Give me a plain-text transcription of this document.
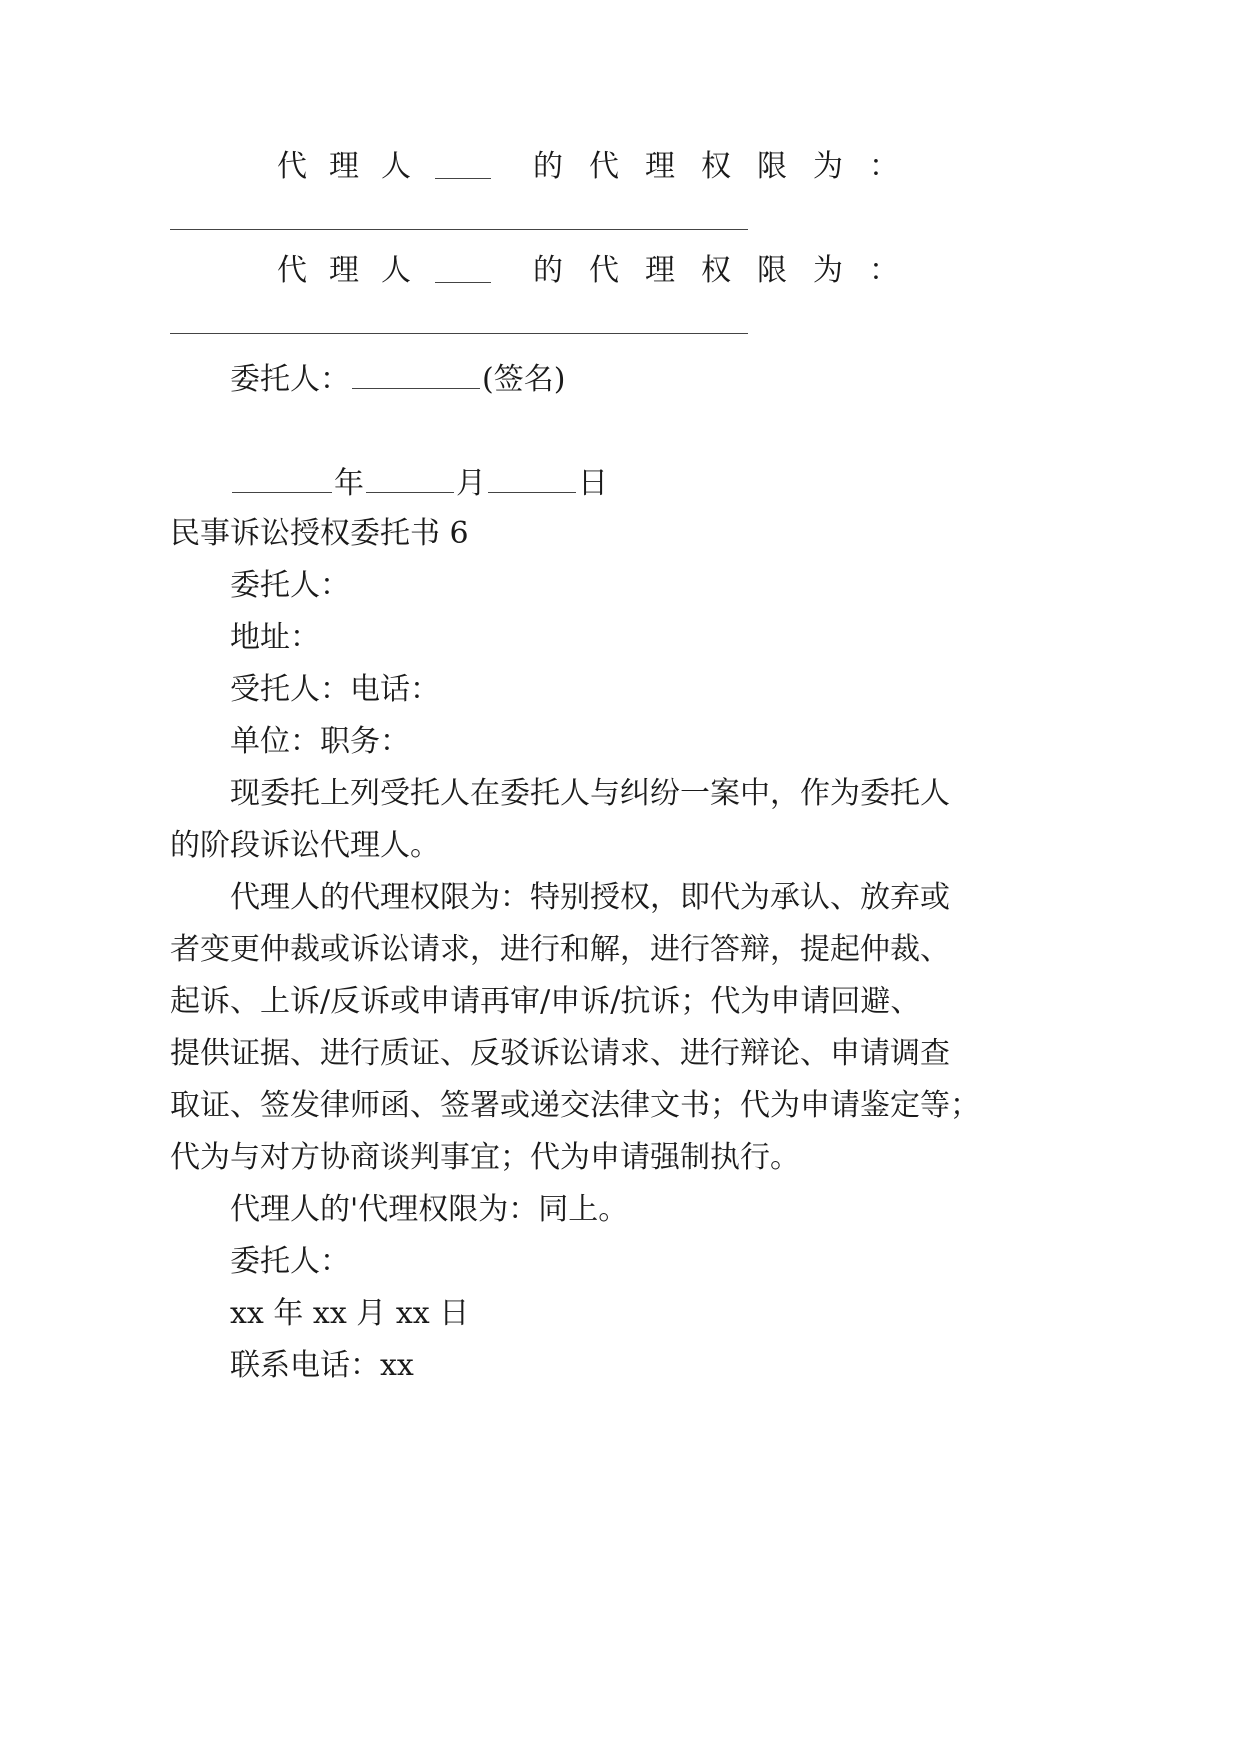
代理人	的代理权限为：
代理人	的代理权限为：
委托人：	(签名)
年	月	日
民事诉讼授权委托书 6
委托人：
地址：
受托人：电话：
单位：职务：
现委托上列受托人在委托人与纠纷一案中，作为委托人
的阶段诉讼代理人。
代理人的代理权限为：特别授权，即代为承认、放弃或
者变更仲裁或诉讼请求，进行和解，进行答辩，提起仲裁、
起诉、上诉/反诉或申请再审/申诉/抗诉；代为申请回避、
提供证据、进行质证、反驳诉讼请求、进行辩论、申请调查
取证、签发律师函、签署或递交法律文书；代为申请鉴定等；
代为与对方协商谈判事宜；代为申请强制执行。
代理人的'代理权限为：同上。
委托人：
xx 年 xx 月 xx 日
联系电话：xx
